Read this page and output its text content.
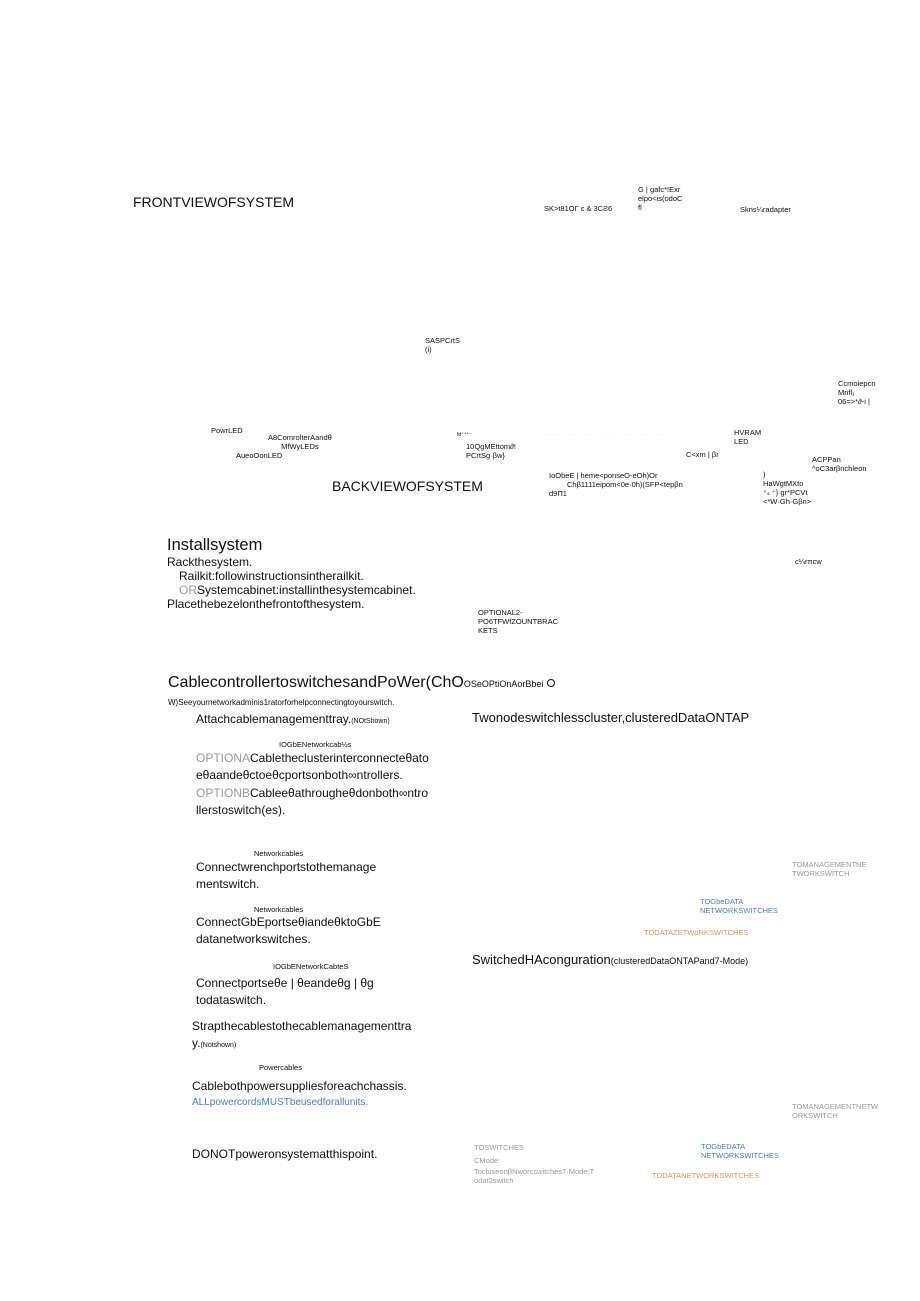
FRONTVIEWOFSYSTEM	SK>t81OΓ ɛ & 3CƧ6
G | gafc*!Exr
elpo<is(odoC
fl	Skns¼radapter
SASPCrtS
(i)
Ccmoiepcn
Mnfl₁
06=>*∂-i |
PowrLED
A8ComrolterAandθ
MfWyLEDs
AueoOonLED
fd⁺⁺⁺⁻	· · · · · · · · · · · · · · · · · · · · · · · · ·
10QgMEttom∂!
PCrtSg·βw}	C<xm | βr
HVRAM
LED
ACPPan
^oC3arβnchleon
BACKVIEWOFSYSTEM
IoObeE | heme<ponseO-eOh)Or
Chβ1111eipom<0e·0h)(SFP<tepβn
d9Π1
)
HaWgtMXto
⁺ₛ ⁺} gr*PCVt
<*W·Gh·Gβn>
c¼rπcw
Installsystem
Rackthesystem.
Railkit:followinstructionsintherailkit.
ORSystemcabinet:installinthesystemcabinet.
Placethebezelonthefrontofthesystem.
OPTIONAL2-
PO6TFWfZOUNTBRAC
KETS
CablecontrollertoswitchesandPoWer(ChOOSeOPtiOnAorBbei
W)Seeyournetworkadminis1ratorforhelpconnectingtoyourswitch.
Attachcablemanagementtray.(NOtShown)
IOGbENetworkcab½s
OPTIONACabletheclusterinterconnecteθato eθaandeθctoeθcportsonboth∞ntrollers.
OPTIONBCableeθathrougheθdonboth∞ntro llerstoswitch(es).
Networkcables
Connectwrenchportstothemanage mentswitch.
Networkcables
ConnectGbEportseθiandeθktoGbE datanetworkswitches.
IOGbENetworkCabteS
Connectportseθe | θeandeθg | θg todataswitch.
Strapthecablestothecablemanagementtra y.(Notshown)
Powercables
Cablebothpowersuppliesforeachchassis.
ALLpowercordsMUSTbeusedforallunits.
DONOTpoweronsystematthispoint.
Twonodeswitchlesscluster,clusteredDataONTAP
TOMANAGEMENTNE
TWORKSWITCH
TOGbeDATA
NETWORKSWITCHES
TODATAZETWoRKSWITCHES
SwitchedHAconguration(clusteredDataONTAPand7-Mode)
TOMANAGEMENTNETW
ORKSWITCH
TOSWITCHES
CModeː
TocluseonβNworcswitches7·Mode:T
odat2switch
TOGbEDATA
NETWORKSWITCHES
TODATANETWORKSWITCHES
